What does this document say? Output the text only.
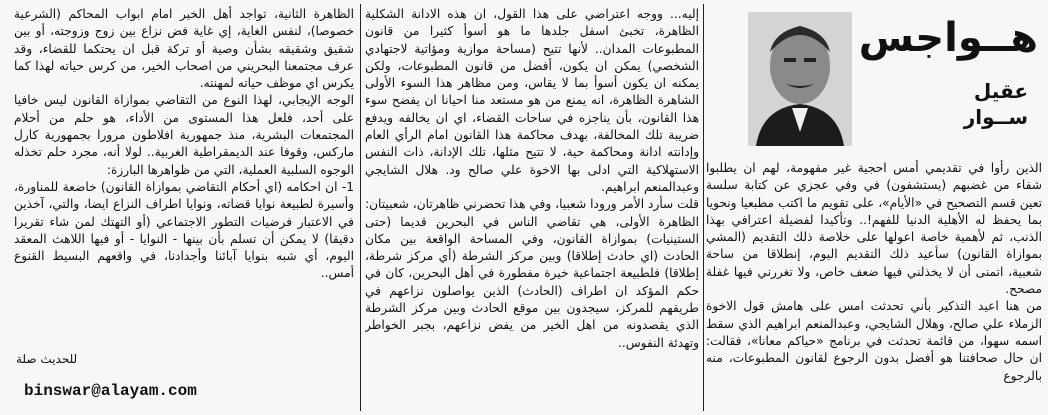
هــواجس
عقيل
ســوار

الذين رأوا في تقديمي أمس احجية غير مفهومة، لهم ان يطلبوا شفاء من غضبهم (يستشفون) في وفي عجزي عن كتابة سلسة تعين قسم التصحيح في «الأيام»، على تقويم ما اكتب مطبعيا ونحويا بما يحفظ له الأهلية الدنيا للفهم!.. وتأكيدا لفضيلة اعترافي بهذا الذنب، ثم لأهمية خاصة اعولها على خلاصة ذلك التقديم (المشي بموازاة القانون) سأعيد ذلك التقديم اليوم، إنطلاقا من ساحة شعبية، اتمنى أن لا يخذلني فيها ضعف خاص، ولا تغررني فيها غفلة مصحح.

من هنا اعيد التذكير بأني تحدثت امس على هامش قول الاخوة الزملاء علي صالح، وهلال الشايجي، وعبدالمنعم ابراهيم الذي سقط اسمه سهوا، من قائمة تحدثت في برنامج «حياكم معانا»، فقالت: ان حال صحافتنا هو أفضل بدون الرجوع لقانون المطبوعات، منه بالرجوع

إليه... ووجه اعتراضي على هذا القول، ان هذه الادانة الشكلية الظاهرة، تخبئ اسفل جلدها ما هو أسوأ كثيرا من قانون المطبوعات المدان.. لأنها تتيح (مساحة موازية ومؤاتية لاجتهادي الشخصي) يمكن ان يكون، أفضل من قانون المطبوعات، ولكن يمكنه ان يكون أسوأ بما لا يقاس، ومن مظاهر هذا السوء الأولى الشاهرة الظاهرة، انه يمنع من هو مستعد منا احيانا ان يفضح سوء هذا القانون، بأن يناجزه في ساحات القضاء، اي ان يخالفه ويدفع ضريبة تلك المخالفة، بهدف محاكمة هذا القانون امام الرأي العام وإدانته ادانة ومحاكمة حية، لا تتيح مثلها، تلك الإدانة، ذات النفس الاستهلاكية التي ادلى بها الاخوة علي صالح ود. هلال الشايجي وعبدالمنعم ابراهيم.

قلت سأرد الأمر ورودا شعبيا، وفي هذا تحضرني ظاهرتان، شعبيتان: الظاهرة الأولى، هي تقاضي الناس في البحرين قديما (حتى الستينيات) بموازاة القانون، وفي المساحة الواقعة بين مكان الحادث (اي حادث إطلاقا) وبين مركز الشرطة (أي مركز شرطة، إطلاقا) فلطبيعة اجتماعية خيرة مفطورة في أهل البحرين، كان في حكم المؤكد ان اطراف (الحادث) الذين يواصلون نزاعهم في طريقهم للمركز، سيجدون بين موقع الحادث وبين مركز الشرطة الذي يقصدونه من اهل الخير من يفض نزاعهم، بجبر الخواطر وتهدئة النفوس..

الظاهرة الثانية، تواجد أهل الخير امام ابواب المحاكم (الشرعية خصوصا)، لنفس الغاية، إي غاية فض نزاع بين زوج وزوجته، أو بين شقيق وشقيقه بشأن وصية أو تركة قبل ان يحتكما للقضاء، وقد عرف مجتمعنا البحريني من اصحاب الخير، من كرس حياته لهذا كما يكرس اي موظف حياته لمهنته.

الوجه الإيجابي، لهذا النوع من التقاضي بموازاة القانون ليس خافيا على أحد، فلعل هذا المستوى من الأداء، هو حلم من أحلام المجتمعات البشرية، منذ جمهورية افلاطون مرورا بجمهورية كارل ماركس، وقوفا عند الديمقراطية الغربية.. لولا أنه، مجرد حلم تخذله الوجوه السلبية العملية، التي من ظواهرها البارزة:

1- ان احكامه (اي أحكام التقاضي بموازاة القانون) خاضعة للمناورة، وأسيرة لطبيعة نوايا قضاته، ونوايا اطراف النزاع ايضا، والتي، آخذين في الاعتبار فرضيات التطور الاجتماعي (أو التهتك لمن شاء تقريرا دقيقا) لا يمكن أن تسلم بأن بينها - النوايا - أو فيها اللاهث المعقد اليوم، أي شبه بنوايا آبائنا وأجدادنا، في واقعهم البسيط القنوع أمس..

للحديث صلة
binswar@alayam.com
